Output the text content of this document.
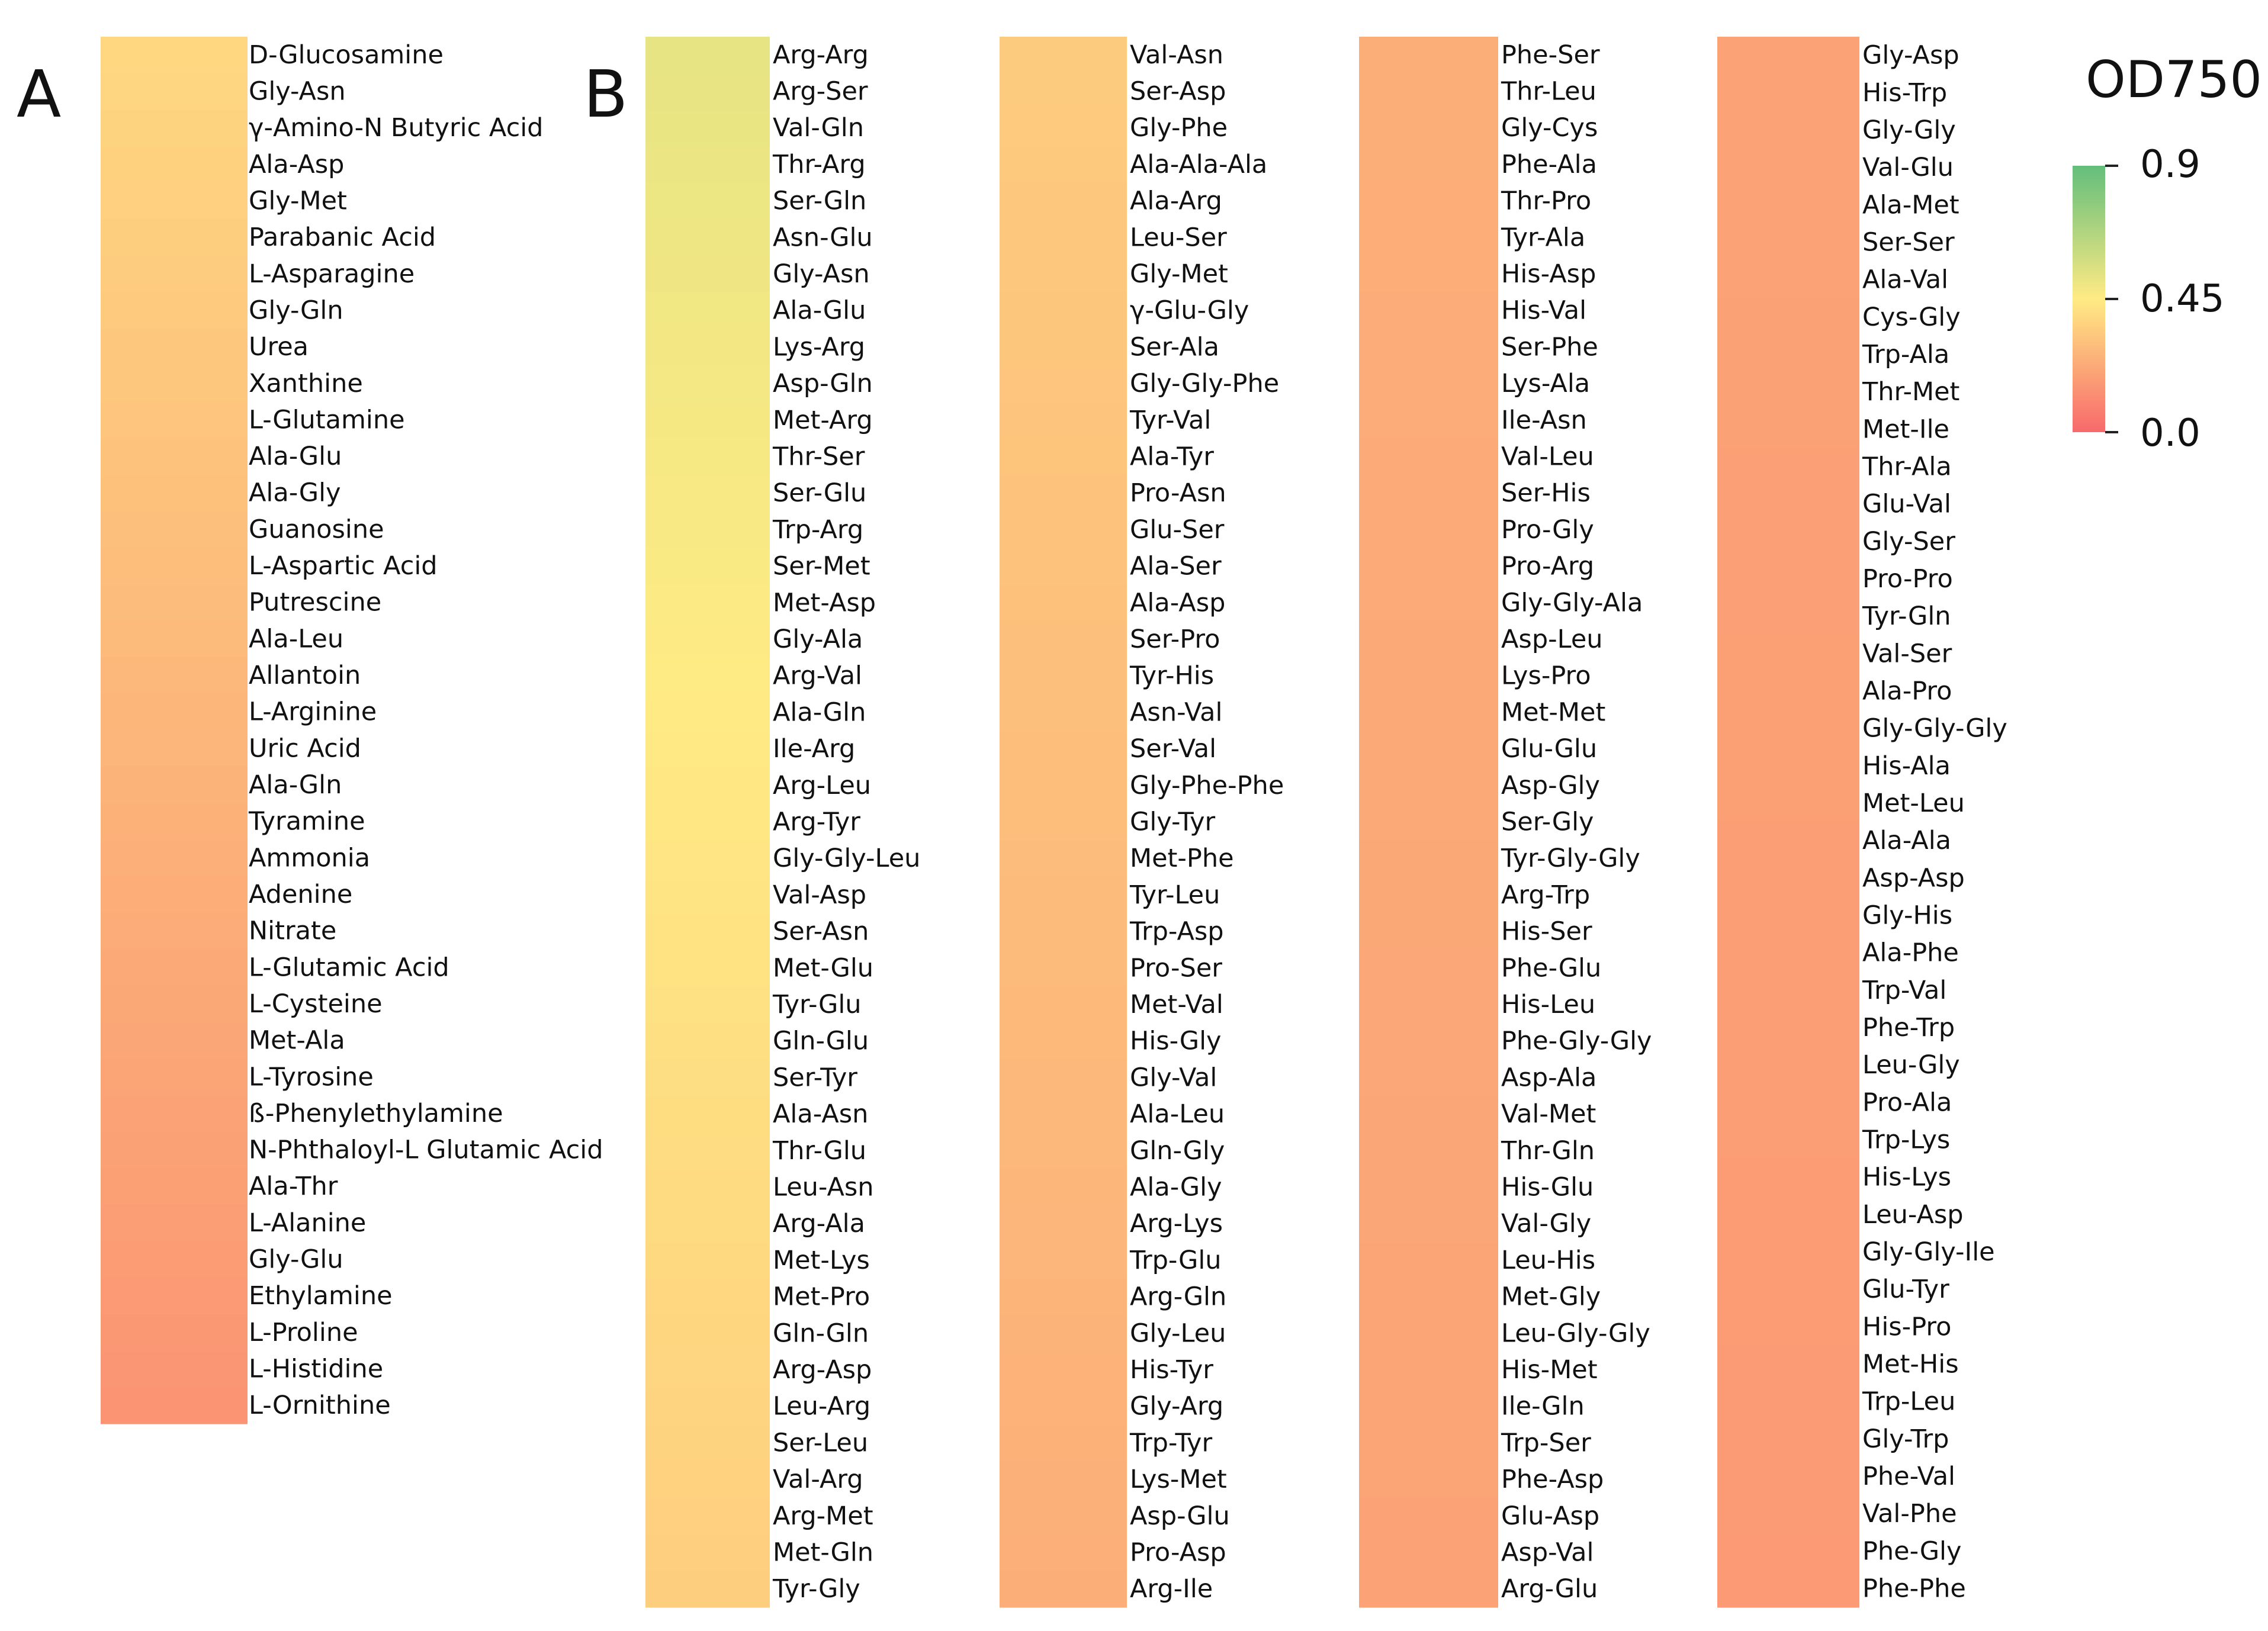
D-Glucosamine
Gly-Asn
γ-Amino-N Butyric Acid
Ala-Asp
Gly-Met
Parabanic Acid
L-Asparagine
Gly-Gln
Urea
Xanthine
L-Glutamine
Ala-Glu
Ala-Gly
Guanosine
L-Aspartic Acid
Putrescine
Ala-Leu
Allantoin
L-Arginine
Uric Acid
Ala-Gln
Tyramine
Ammonia
Adenine
Nitrate
L-Glutamic Acid
L-Cysteine
Met-Ala
L-Tyrosine
ß-Phenylethylamine
N-Phthaloyl-L Glutamic Acid
Ala-Thr
L-Alanine
Gly-Glu
Ethylamine
L-Proline
L-Histidine
L-Ornithine
Arg-Arg
Arg-Ser
Val-Gln
Thr-Arg
Ser-Gln
Asn-Glu
Gly-Asn
Ala-Glu
Lys-Arg
Asp-Gln
Met-Arg
Thr-Ser
Ser-Glu
Trp-Arg
Ser-Met
Met-Asp
Gly-Ala
Arg-Val
Ala-Gln
Ile-Arg
Arg-Leu
Arg-Tyr
Gly-Gly-Leu
Val-Asp
Ser-Asn
Met-Glu
Tyr-Glu
Gln-Glu
Ser-Tyr
Ala-Asn
Thr-Glu
Leu-Asn
Arg-Ala
Met-Lys
Met-Pro
Gln-Gln
Arg-Asp
Leu-Arg
Ser-Leu
Val-Arg
Arg-Met
Met-Gln
Tyr-Gly
Val-Asn
Ser-Asp
Gly-Phe
Ala-Ala-Ala
Ala-Arg
Leu-Ser
Gly-Met
γ-Glu-Gly
Ser-Ala
Gly-Gly-Phe
Tyr-Val
Ala-Tyr
Pro-Asn
Glu-Ser
Ala-Ser
Ala-Asp
Ser-Pro
Tyr-His
Asn-Val
Ser-Val
Gly-Phe-Phe
Gly-Tyr
Met-Phe
Tyr-Leu
Trp-Asp
Pro-Ser
Met-Val
His-Gly
Gly-Val
Ala-Leu
Gln-Gly
Ala-Gly
Arg-Lys
Trp-Glu
Arg-Gln
Gly-Leu
His-Tyr
Gly-Arg
Trp-Tyr
Lys-Met
Asp-Glu
Pro-Asp
Arg-Ile
Phe-Ser
Thr-Leu
Gly-Cys
Phe-Ala
Thr-Pro
Tyr-Ala
His-Asp
His-Val
Ser-Phe
Lys-Ala
Ile-Asn
Val-Leu
Ser-His
Pro-Gly
Pro-Arg
Gly-Gly-Ala
Asp-Leu
Lys-Pro
Met-Met
Glu-Glu
Asp-Gly
Ser-Gly
Tyr-Gly-Gly
Arg-Trp
His-Ser
Phe-Glu
His-Leu
Phe-Gly-Gly
Asp-Ala
Val-Met
Thr-Gln
His-Glu
Val-Gly
Leu-His
Met-Gly
Leu-Gly-Gly
His-Met
Ile-Gln
Trp-Ser
Phe-Asp
Glu-Asp
Asp-Val
Arg-Glu
Gly-Asp
His-Trp
Gly-Gly
Val-Glu
Ala-Met
Ser-Ser
Ala-Val
Cys-Gly
Trp-Ala
Thr-Met
Met-Ile
Thr-Ala
Glu-Val
Gly-Ser
Pro-Pro
Tyr-Gln
Val-Ser
Ala-Pro
Gly-Gly-Gly
His-Ala
Met-Leu
Ala-Ala
Asp-Asp
Gly-His
Ala-Phe
Trp-Val
Phe-Trp
Leu-Gly
Pro-Ala
Trp-Lys
His-Lys
Leu-Asp
Gly-Gly-Ile
Glu-Tyr
His-Pro
Met-His
Trp-Leu
Gly-Trp
Phe-Val
Val-Phe
Phe-Gly
Phe-Phe
A	B	OD750
0.9
0.45
0.0
